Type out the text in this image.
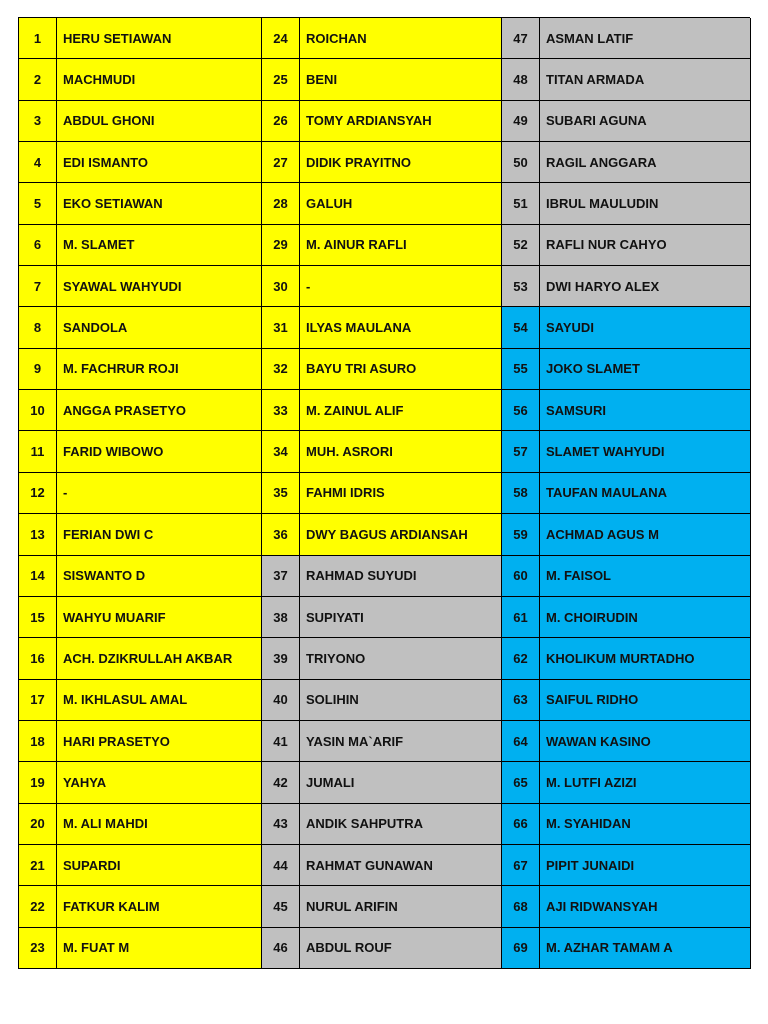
1	HERU SETIAWAN	24	ROICHAN	47	ASMAN LATIF
2	MACHMUDI	25	BENI	48	TITAN ARMADA
3	ABDUL GHONI	26	TOMY ARDIANSYAH	49	SUBARI AGUNA
4	EDI ISMANTO	27	DIDIK PRAYITNO	50	RAGIL ANGGARA
5	EKO SETIAWAN	28	GALUH	51	IBRUL MAULUDIN
6	M. SLAMET	29	M. AINUR RAFLI	52	RAFLI NUR CAHYO
7	SYAWAL WAHYUDI	30	-	53	DWI HARYO ALEX
8	SANDOLA	31	ILYAS MAULANA	54	SAYUDI
9	M. FACHRUR ROJI	32	BAYU TRI ASURO	55	JOKO SLAMET
10	ANGGA PRASETYO	33	M. ZAINUL ALIF	56	SAMSURI
11	FARID WIBOWO	34	MUH. ASRORI	57	SLAMET WAHYUDI
12	-	35	FAHMI IDRIS	58	TAUFAN MAULANA
13	FERIAN DWI C	36	DWY BAGUS ARDIANSAH	59	ACHMAD AGUS M
14	SISWANTO D	37	RAHMAD SUYUDI	60	M. FAISOL
15	WAHYU MUARIF	38	SUPIYATI	61	M. CHOIRUDIN
16	ACH. DZIKRULLAH AKBAR	39	TRIYONO	62	KHOLIKUM MURTADHO
17	M. IKHLASUL AMAL	40	SOLIHIN	63	SAIFUL RIDHO
18	HARI PRASETYO	41	YASIN MA`ARIF	64	WAWAN KASINO
19	YAHYA	42	JUMALI	65	M. LUTFI AZIZI
20	M. ALI MAHDI	43	ANDIK SAHPUTRA	66	M. SYAHIDAN
21	SUPARDI	44	RAHMAT GUNAWAN	67	PIPIT JUNAIDI
22	FATKUR KALIM	45	NURUL ARIFIN	68	AJI RIDWANSYAH
23	M. FUAT M	46	ABDUL ROUF	69	M. AZHAR TAMAM A
